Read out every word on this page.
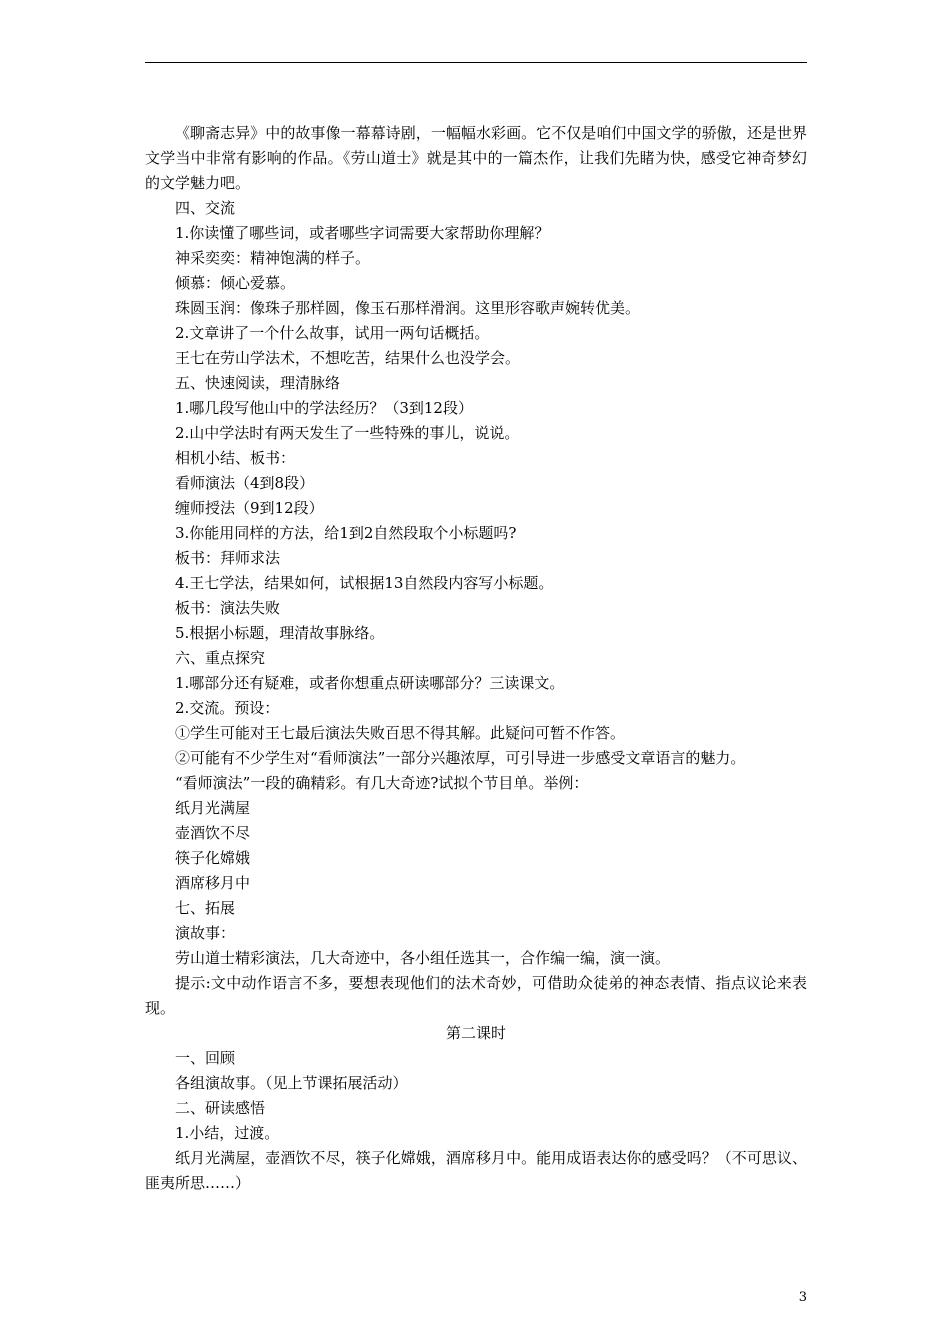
《聊斋志异》中的故事像一幕幕诗剧，一幅幅水彩画。它不仅是咱们中国文学的骄傲，还是世界文学当中非常有影响的作品。《劳山道士》就是其中的一篇杰作，让我们先睹为快，感受它神奇梦幻的文学魅力吧。

四、交流

1.你读懂了哪些词，或者哪些字词需要大家帮助你理解？

神采奕奕：精神饱满的样子。

倾慕：倾心爱慕。

珠圆玉润：像珠子那样圆，像玉石那样滑润。这里形容歌声婉转优美。

2.文章讲了一个什么故事，试用一两句话概括。

王七在劳山学法术，不想吃苦，结果什么也没学会。

五、快速阅读，理清脉络

1.哪几段写他山中的学法经历？（3到12段）

2.山中学法时有两天发生了一些特殊的事儿，说说。

相机小结、板书：

看师演法（4到8段）

缠师授法（9到12段）

3.你能用同样的方法，给1到2自然段取个小标题吗?

板书：拜师求法

4.王七学法，结果如何，试根据13自然段内容写小标题。

板书：演法失败

5.根据小标题，理清故事脉络。

六、重点探究

1.哪部分还有疑难，或者你想重点研读哪部分？三读课文。

2.交流。预设：

①学生可能对王七最后演法失败百思不得其解。此疑问可暂不作答。

②可能有不少学生对“看师演法”一部分兴趣浓厚，可引导进一步感受文章语言的魅力。

“看师演法”一段的确精彩。有几大奇迹?试拟个节目单。举例：

纸月光满屋

壶酒饮不尽

筷子化嫦娥

酒席移月中

七、拓展

演故事：

劳山道士精彩演法，几大奇迹中，各小组任选其一，合作编一编，演一演。

提示:文中动作语言不多，要想表现他们的法术奇妙，可借助众徒弟的神态表情、指点议论来表现。

第二课时

一、回顾

各组演故事。（见上节课拓展活动）

二、研读感悟

1.小结，过渡。

纸月光满屋，壶酒饮不尽，筷子化嫦娥，酒席移月中。能用成语表达你的感受吗？（不可思议、匪夷所思……）

3
